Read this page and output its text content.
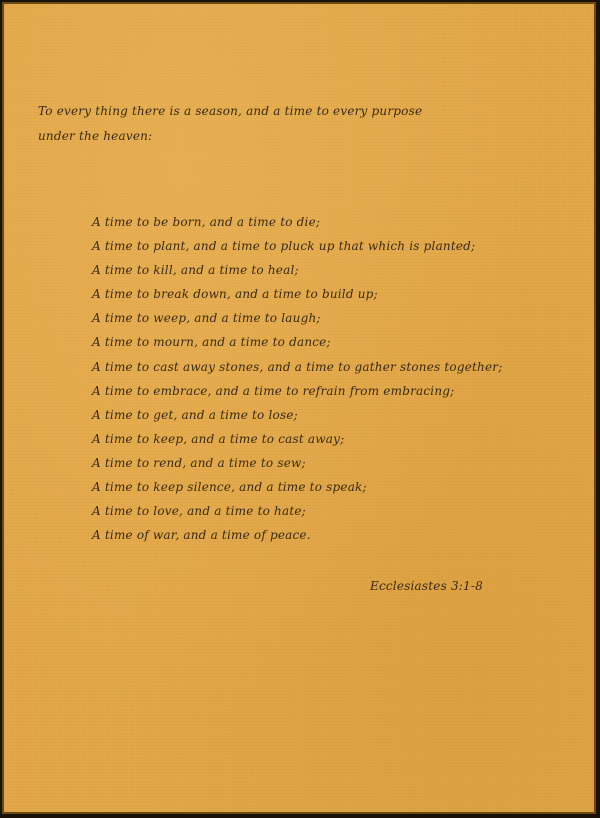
To every thing there is a season, and a time to every purpose
under the heaven:
A time to be born, and a time to die;
A time to plant, and a time to pluck up that which is planted;
A time to kill, and a time to heal;
A time to break down, and a time to build up;
A time to weep, and a time to laugh;
A time to mourn, and a time to dance;
A time to cast away stones, and a time to gather stones together;
A time to embrace, and a time to refrain from embracing;
A time to get, and a time to lose;
A time to keep, and a time to cast away;
A time to rend, and a time to sew;
A time to keep silence, and a time to speak;
A time to love, and a time to hate;
A time of war, and a time of peace.
Ecclesiastes 3:1-8
